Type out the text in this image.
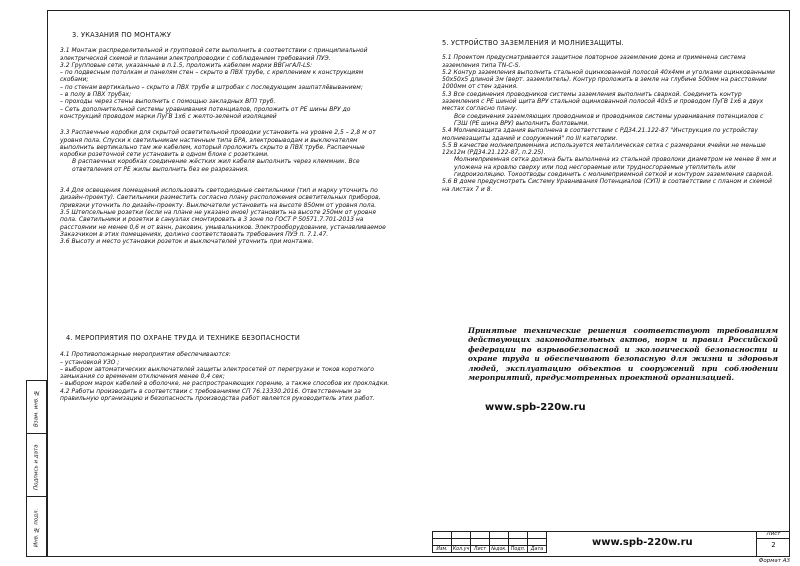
Взам. инв. №
Подпись и дата
Инв. № подл.

3. УКАЗАНИЯ ПО МОНТАЖУ

3.1 Монтаж распределительной и групповой сети выполнить в соответствии с принципиальной электрической схемой и планами электропроводки с соблюдением требований ПУЭ.

3.2 Групповые сети, указанные в п.1.5, проложить кабелем марки ВВГнгАЛ-LS:

– по подвесным потолкам и панелям стен – скрыто в ПВХ трубе, с креплением к конструкциям скобами;

– по стенам вертикально – скрыто в ПВХ трубе в штробах с последующим зашпатлёвыванием;

– в полу в ПВХ трубах;

– проходы через стены выполнить с помощью закладных ВГП труб.

– Сеть дополнительной системы уравнивания потенциалов, проложить от РЕ шины ВРУ до конструкций проводом марки ПуГВ 1х6 с желто-зеленой изоляцией

3.3 Распаечные коробки для скрытой осветительной проводки установить на уровне 2,5 – 2,8 м от уровня пола. Спуски к светильникам настенным типа БРА, электровыводам и выключателям выполнить вертикально там же кабелем, который проложить скрыто в ПВХ трубе. Распаечные коробки розеточной сети установить в одном блоке с розетками.

В распаечных коробках соединение жёстких жил кабеля выполнить через клеммник. Все ответвления от РЕ жилы выполнить без ее разрезания.

3.4 Для освещения помещений использовать светодиодные светильники (тип и марку уточнить по дизайн-проекту). Светильники разместить согласно плану расположения осветительных приборов, привязки уточнить по дизайн-проекту. Выключатели установить на высоте 850мм от уровня пола.

3.5 Штепсельные розетки (если на плане не указано иное) установить на высоте 250мм от уровня пола. Светильники и розетки в санузлах смонтировать в 3 зоне по ГОСТ Р 50571.7.701-2013 на расстоянии не менее 0,6 м от ванн, раковин, умывальников. Электрооборудование, устанавливаемое Заказчиком в этих помещениях, должно соответствовать требования ПУЭ п. 7.1.47.

3.6 Высоту и место установки розеток и выключателей уточнить при монтаже.

4. МЕРОПРИЯТИЯ ПО ОХРАНЕ ТРУДА И ТЕХНИКЕ БЕЗОПАСНОСТИ

4.1 Противопожарные мероприятия обеспечиваются:

– установкой УЗО ;

– выбором автоматических выключателей защиты электросетей от перегрузки и токов короткого замыкания со временем отключения менее 0,4 сек;

– выбором марок кабелей в оболочке, не распространяющих горение, а также способов их прокладки.

4.2 Работы производить в соответствии с требованиями СП 76.13330.2016. Ответственным за правильную организацию и безопасность производства работ является руководитель этих работ.

5. УСТРОЙСТВО ЗАЗЕМЛЕНИЯ И МОЛНИЕЗАЩИТЫ.

5.1 Проектом предусматривается защитное повторное заземление дома и применена система заземления типа TN-C-S.

5.2 Контур заземления выполнить стальной оцинкованной полосой 40х4мм и уголками оцинкованными 50х50х5 длиной 3м (верт. заземлитель). Контур проложить в земле на глубине 500мм на расстоянии 1000мм от стен здания.

5.3 Все соединения проводников системы заземления выполнить сваркой. Соединить контур заземления с РЕ шиной щита ВРУ стальной оцинкованной полосой 40х5 и проводом ПуГВ 1х6 в двух местах согласно плану.

Все соединения заземляющих проводников и проводников системы уравнивания потенциалов с ГЗШ (РЕ шина ВРУ) выполнить болтовыми.

5.4 Молниезащита здания выполнена в соответствии с РД34.21.122-87 "Инструкция по устройству молниезащиты зданий и сооружений" по III категории.

5.5 В качестве молниеприемника используется металлическая сетка с размерами ячейки не меньше 12х12м (РД34.21.122-87, п.2.25).

Молниеприемная сетка должна быть выполнена из стальной проволоки диаметром не менее 8 мм и уложена на кровлю сверху или под несгораемые или трудносгораемые утеплитель или гидроизоляцию. Токоотводы соединить с молниеприемной сеткой и контуром заземления сваркой.

5.6 В доме предусмотреть Систему Уравнивания Потенциалов (СУП) в соответствии с планом и схемой на листах 7 и 8.

Принятые технические решения соответствуют требованиям действующих законодательных актов, норм и правил Российской федерации по взрывобезопасной и экологической безопасности и охране труда и обеспечивают безопасную для жизни и здоровья людей, эксплуатацию объектов и сооружений при соблюдении мероприятий, предусмотренных проектной организацией.
www.spb-220w.ru

Изм.	Кол.уч	Лист	№док.	Подп.	Дата
www.spb-220w.ru
Лист
2
Формат А3
